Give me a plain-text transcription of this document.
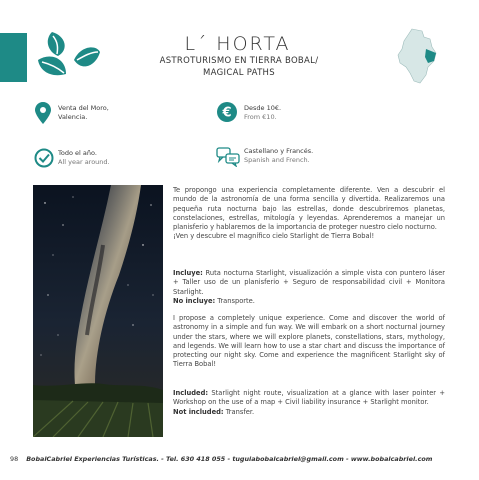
L´ HORTA
ASTROTURISMO EN TIERRA BOBAL/
MAGICAL PATHS
Venta del Moro,
Valencia.	€ Desde 10€.
From €10.
Todo el año.
All year around.
Castellano y Francés.
Spanish and French.

Te propongo una experiencia completamente diferente. Ven a descubrir el mundo de la astronomía de una forma sencilla y divertida. Realizaremos una pequeña ruta nocturna bajo las estrellas, donde descubriremos planetas, constelaciones, estrellas, mitología y leyendas. Aprenderemos a manejar un planisferio y hablaremos de la importancia de proteger nuestro cielo nocturno.

¡Ven y descubre el magnífico cielo Starlight de Tierra Bobal!

Incluye: Ruta nocturna Starlight, visualización a simple vista con puntero láser + Taller uso de un planisferio + Seguro de responsabilidad civil + Monitora Starlight.

No incluye: Transporte.

I propose a completely unique experience. Come and discover the world of astronomy in a simple and fun way. We will embark on a short nocturnal journey under the stars, where we will explore planets, constellations, stars, mythology, and legends. We will learn how to use a star chart and discuss the importance of protecting our night sky. Come and experience the magnificent Starlight sky of Tierra Bobal!

Included: Starlight night route, visualization at a glance with laser pointer + Workshop on the use of a map + Civil liability insurance + Starlight monitor.

Not included: Transfer.

98 BobalCabriel Experiencias Turísticas. - Tel. 630 418 055 - tuguiabobalcabriel@gmail.com - www.bobalcabriel.com
